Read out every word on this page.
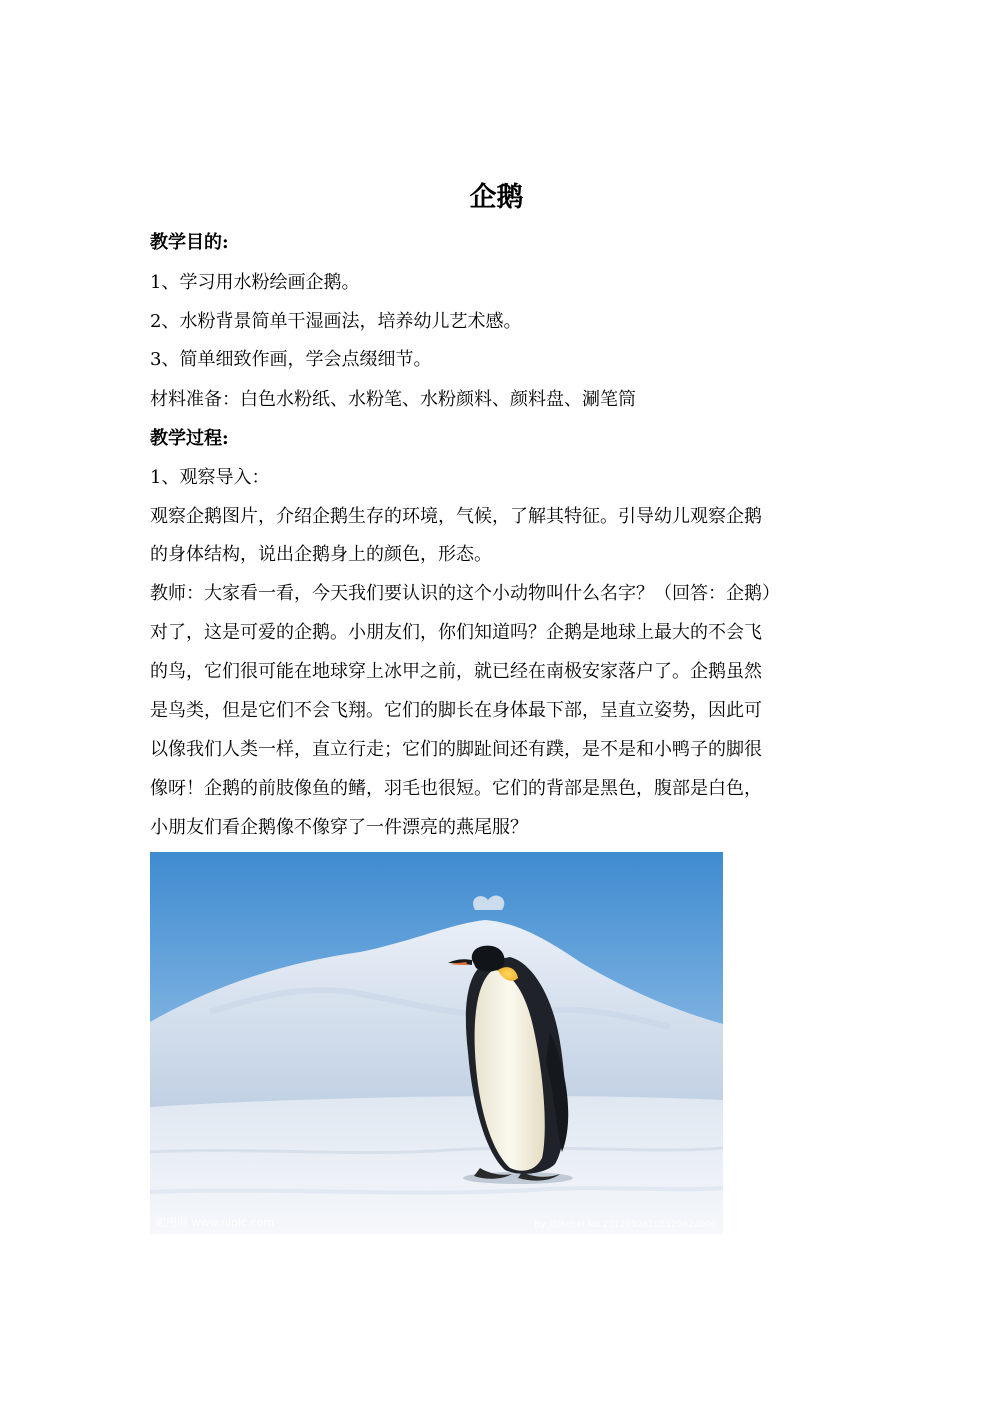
企鹅
教学目的:
1、学习用水粉绘画企鹅。
2、水粉背景简单干湿画法，培养幼儿艺术感。
3、简单细致作画，学会点缀细节。
材料准备：白色水粉纸、水粉笔、水粉颜料、颜料盘、涮笔筒
教学过程:
1、观察导入：
观察企鹅图片，介绍企鹅生存的环境，气候，了解其特征。引导幼儿观察企鹅
的身体结构，说出企鹅身上的颜色，形态。
教师：大家看一看，今天我们要认识的这个小动物叫什么名字？（回答：企鹅）
对了，这是可爱的企鹅。小朋友们，你们知道吗？企鹅是地球上最大的不会飞
的鸟，它们很可能在地球穿上冰甲之前，就已经在南极安家落户了。企鹅虽然
是鸟类，但是它们不会飞翔。它们的脚长在身体最下部，呈直立姿势，因此可
以像我们人类一样，直立行走；它们的脚趾间还有蹼，是不是和小鸭子的脚很
像呀！企鹅的前肢像鱼的鳍，羽毛也很短。它们的背部是黑色，腹部是白色，
小朋友们看企鹅像不像穿了一件漂亮的燕尾服？
昵图网 www.nipic.com	By:刘冰chel No.20120926105129624000
